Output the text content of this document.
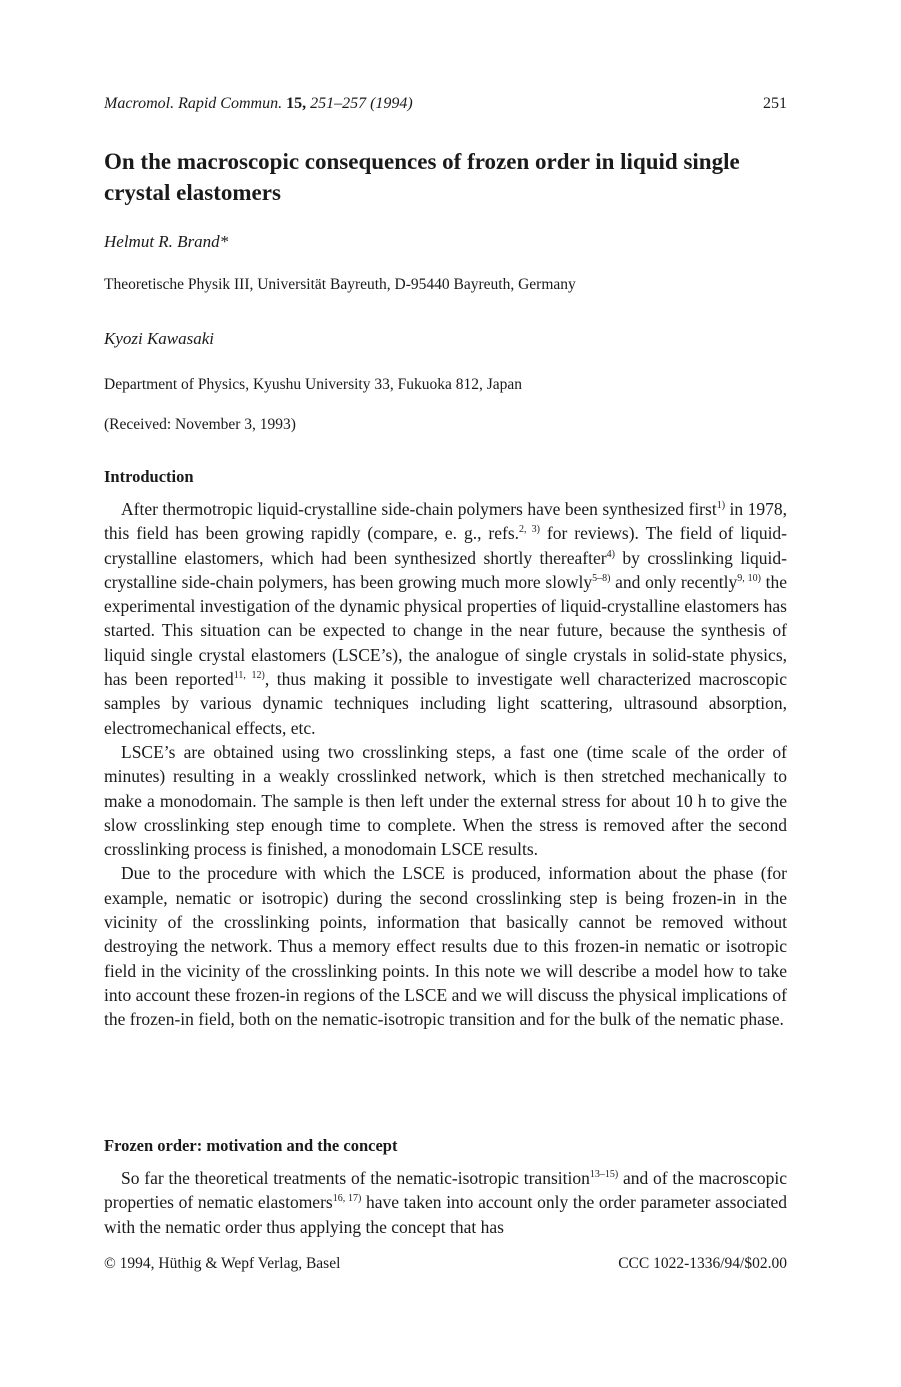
Macromol. Rapid Commun. 15, 251–257 (1994)	251
On the macroscopic consequences of frozen order in liquid single crystal elastomers
Helmut R. Brand*
Theoretische Physik III, Universität Bayreuth, D-95440 Bayreuth, Germany
Kyozi Kawasaki
Department of Physics, Kyushu University 33, Fukuoka 812, Japan
(Received: November 3, 1993)
Introduction

After thermotropic liquid-crystalline side-chain polymers have been synthesized first$^{1)}$ in 1978, this field has been growing rapidly (compare, e. g., refs.$^{2, 3)}$ for reviews). The field of liquid-crystalline elastomers, which had been synthesized shortly thereafter$^{4)}$ by crosslinking liquid-crystalline side-chain polymers, has been growing much more slowly$^{5-8)}$ and only recently$^{9, 10)}$ the experimental investigation of the dynamic physical properties of liquid-crystalline elastomers has started. This situation can be expected to change in the near future, because the synthesis of liquid single crystal elastomers (LSCE’s), the analogue of single crystals in solid-state physics, has been reported$^{11, 12)}$, thus making it possible to investigate well characterized macroscopic samples by various dynamic techniques including light scattering, ultrasound absorption, electromechanical effects, etc.

LSCE’s are obtained using two crosslinking steps, a fast one (time scale of the order of minutes) resulting in a weakly crosslinked network, which is then stretched mechanically to make a monodomain. The sample is then left under the external stress for about 10 h to give the slow crosslinking step enough time to complete. When the stress is removed after the second crosslinking process is finished, a monodomain LSCE results.

Due to the procedure with which the LSCE is produced, information about the phase (for example, nematic or isotropic) during the second crosslinking step is being frozen-in in the vicinity of the crosslinking points, information that basically cannot be removed without destroying the network. Thus a memory effect results due to this frozen-in nematic or isotropic field in the vicinity of the crosslinking points. In this note we will describe a model how to take into account these frozen-in regions of the LSCE and we will discuss the physical implications of the frozen-in field, both on the nematic-isotropic transition and for the bulk of the nematic phase.

Frozen order: motivation and the concept

So far the theoretical treatments of the nematic-isotropic transition$^{13-15)}$ and of the macroscopic properties of nematic elastomers$^{16, 17)}$ have taken into account only the order parameter associated with the nematic order thus applying the concept that has

© 1994, Hüthig & Wepf Verlag, Basel	CCC 1022-1336/94/$02.00
